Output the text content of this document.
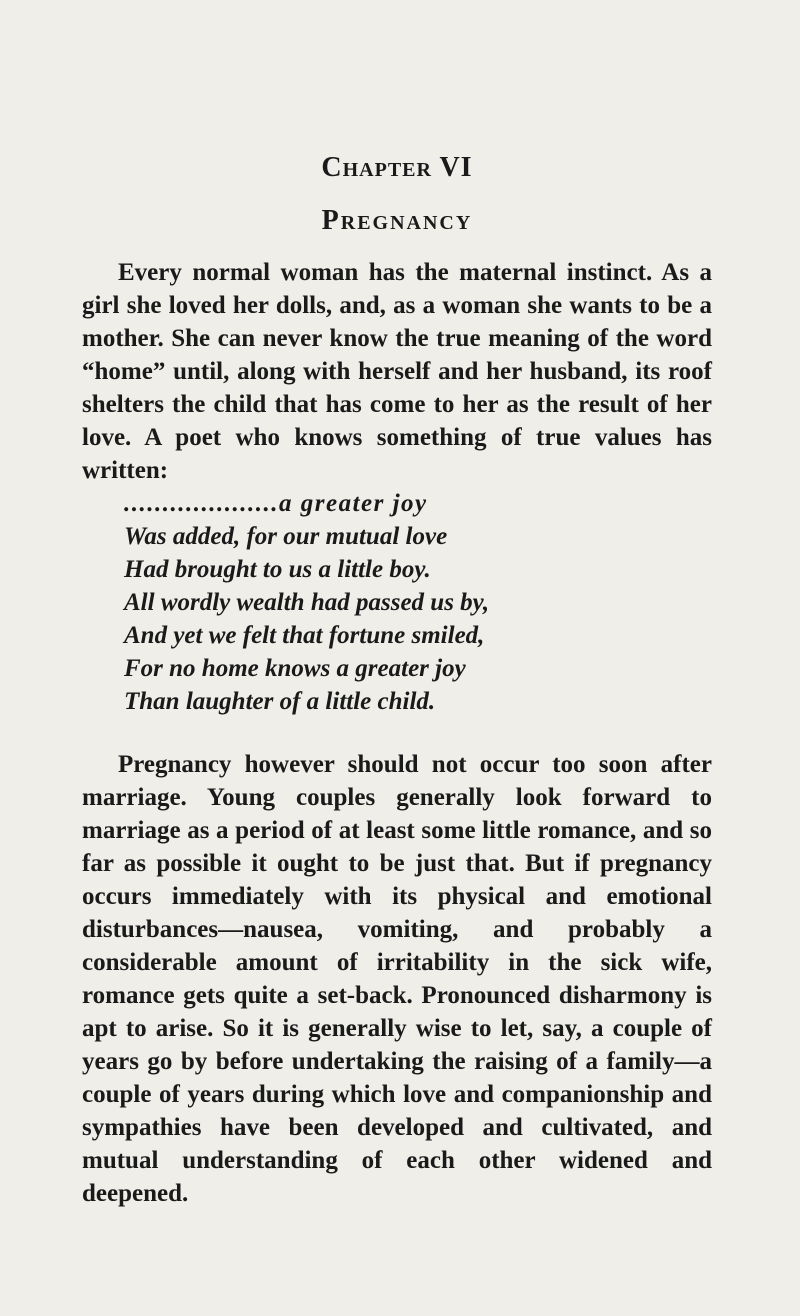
Chapter VI
Pregnancy

Every normal woman has the maternal instinct. As a girl she loved her dolls, and, as a woman she wants to be a mother. She can never know the true meaning of the word “home” until, along with herself and her husband, its roof shelters the child that has come to her as the result of her love. A poet who knows something of true values has written:

....................a greater joy
Was added, for our mutual love
Had brought to us a little boy.
All wordly wealth had passed us by,
And yet we felt that fortune smiled,
For no home knows a greater joy
Than laughter of a little child.

Pregnancy however should not occur too soon after marriage. Young couples generally look forward to marriage as a period of at least some little romance, and so far as possible it ought to be just that. But if pregnancy occurs immediately with its physical and emotional disturbances—nausea, vomiting, and probably a considerable amount of irritability in the sick wife, romance gets quite a set-back. Pronounced disharmony is apt to arise. So it is generally wise to let, say, a couple of years go by before undertaking the raising of a family—a couple of years during which love and companionship and sympathies have been developed and cultivated, and mutual understanding of each other widened and deepened.
